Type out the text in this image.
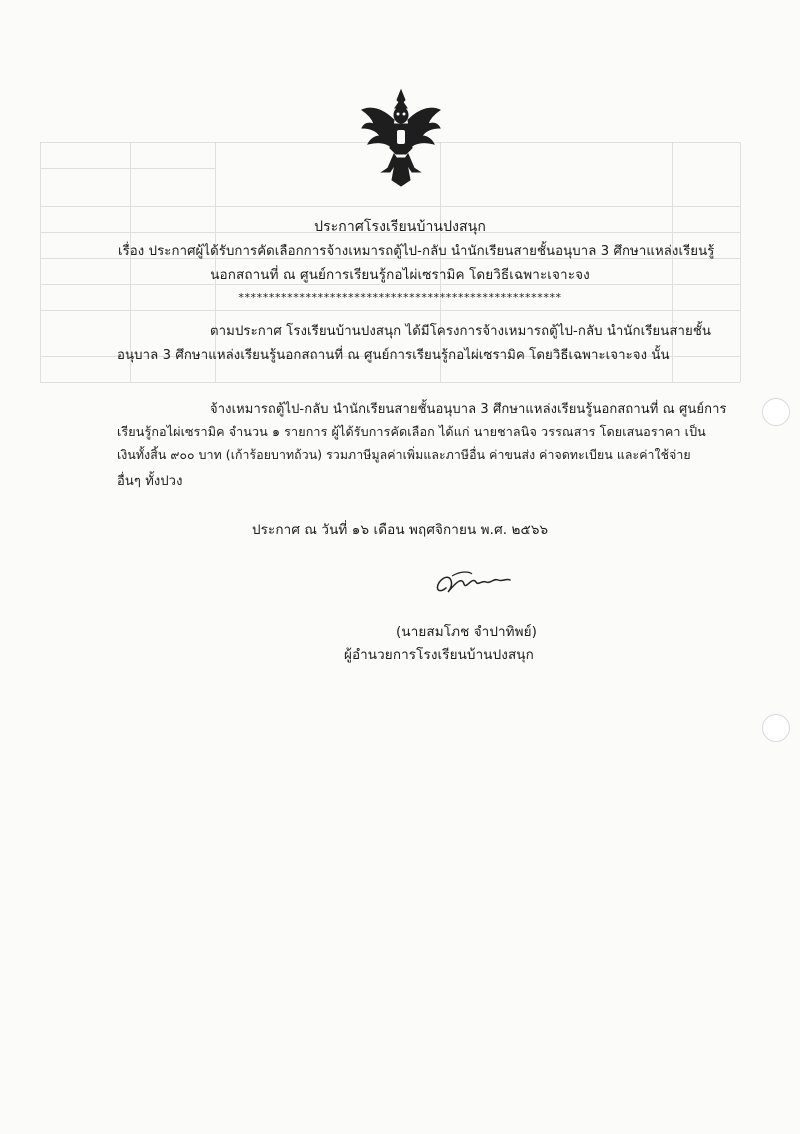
ประกาศโรงเรียนบ้านปงสนุก
เรื่อง ประกาศผู้ได้รับการคัดเลือกการจ้างเหมารถตู้ไป-กลับ นำนักเรียนสายชั้นอนุบาล 3 ศึกษาแหล่งเรียนรู้
นอกสถานที่ ณ ศูนย์การเรียนรู้กอไผ่เซรามิค โดยวิธีเฉพาะเจาะจง
*****************************************************
ตามประกาศ โรงเรียนบ้านปงสนุก ได้มีโครงการจ้างเหมารถตู้ไป-กลับ นำนักเรียนสายชั้น
อนุบาล 3 ศึกษาแหล่งเรียนรู้นอกสถานที่ ณ ศูนย์การเรียนรู้กอไผ่เซรามิค โดยวิธีเฉพาะเจาะจง นั้น
จ้างเหมารถตู้ไป-กลับ นำนักเรียนสายชั้นอนุบาล 3 ศึกษาแหล่งเรียนรู้นอกสถานที่ ณ ศูนย์การ
เรียนรู้กอไผ่เซรามิค จำนวน ๑ รายการ ผู้ได้รับการคัดเลือก ได้แก่ นายชาลนิจ วรรณสาร โดยเสนอราคา เป็น
เงินทั้งสิ้น ๙๐๐ บาท (เก้าร้อยบาทถ้วน) รวมภาษีมูลค่าเพิ่มและภาษีอื่น ค่าขนส่ง ค่าจดทะเบียน และค่าใช้จ่าย
อื่นๆ ทั้งปวง
ประกาศ ณ วันที่ ๑๖ เดือน พฤศจิกายน พ.ศ. ๒๕๖๖
(นายสมโภช จำปาทิพย์)
ผู้อำนวยการโรงเรียนบ้านปงสนุก
